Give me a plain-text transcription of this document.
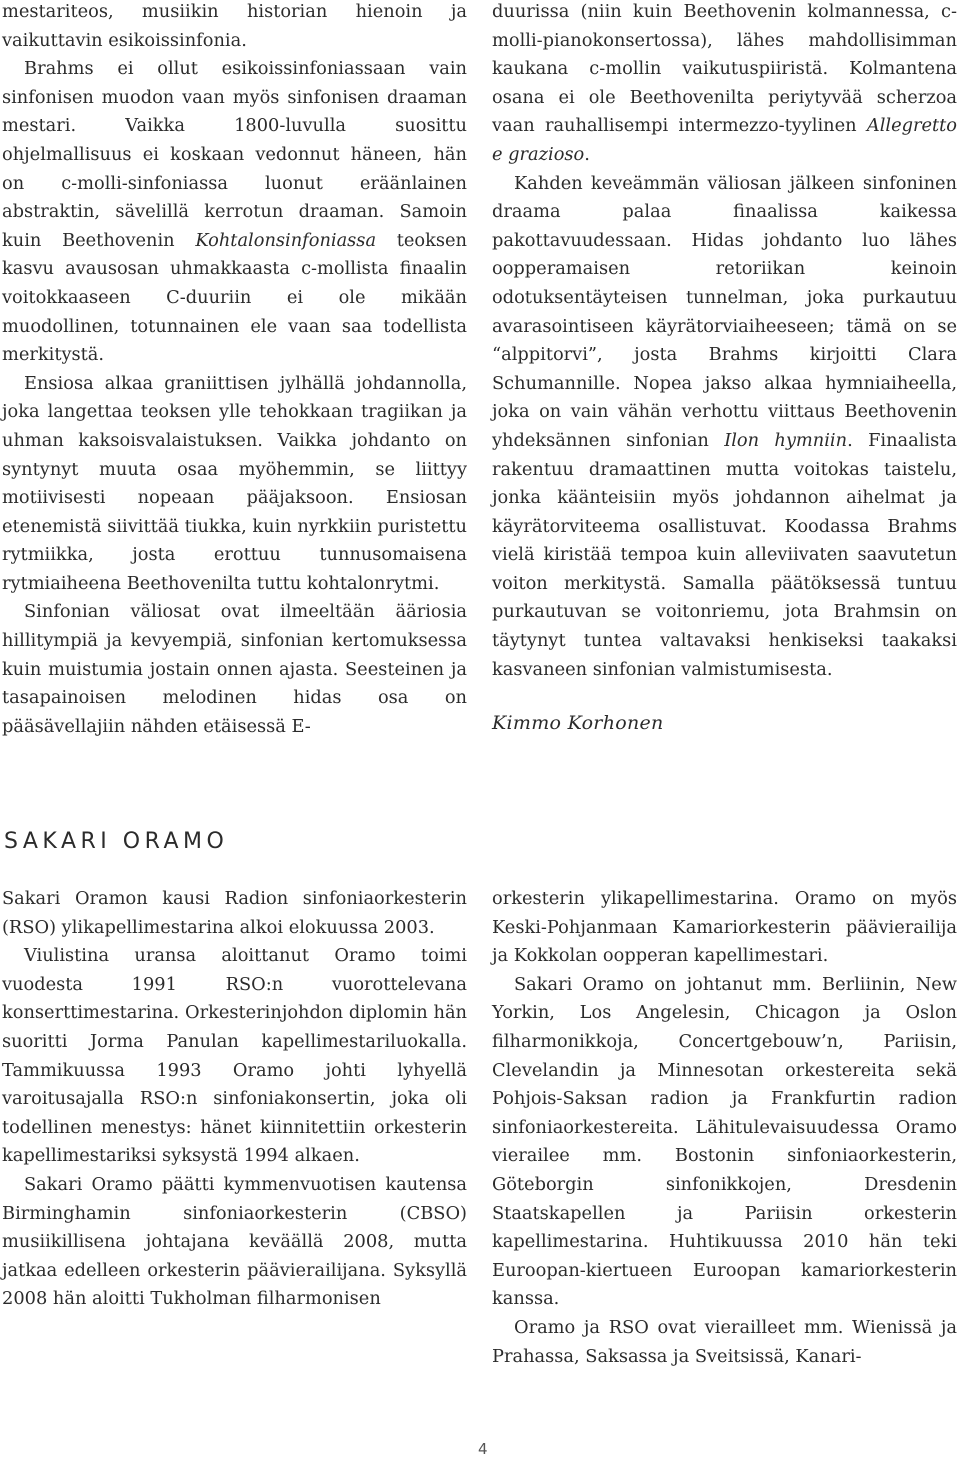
mestariteos, musiikin historian hienoin ja vaikuttavin esikoissinfonia.

Brahms ei ollut esikoissinfoniassaan vain sinfonisen muodon vaan myös sinfonisen draaman mestari. Vaikka 1800-luvulla suosittu ohjelmallisuus ei koskaan vedonnut häneen, hän on c-molli-sinfoniassa luonut eräänlainen abstraktin, sävelillä kerrotun draaman. Samoin kuin Beethovenin Kohtalonsinfoniassa teoksen kasvu avausosan uhmakkaasta c-mollista finaalin voitokkaaseen C-duuriin ei ole mikään muodollinen, totunnainen ele vaan saa todellista merkitystä.

Ensiosa alkaa graniittisen jylhällä johdannolla, joka langettaa teoksen ylle tehokkaan tragiikan ja uhman kaksoisvalaistuksen. Vaikka johdanto on syntynyt muuta osaa myöhemmin, se liittyy motiivisesti nopeaan pääjaksoon. Ensiosan etenemistä siivittää tiukka, kuin nyrkkiin puristettu rytmiikka, josta erottuu tunnusomaisena rytmiaiheena Beethovenilta tuttu kohtalonrytmi.

Sinfonian väliosat ovat ilmeeltään ääriosia hillitympiä ja kevyempiä, sinfonian kertomuksessa kuin muistumia jostain onnen ajasta. Seesteinen ja tasapainoisen melodinen hidas osa on pääsävellajiin nähden etäisessä E-

duurissa (niin kuin Beethovenin kolmannessa, c-molli-pianokonsertossa), lähes mahdollisimman kaukana c-mollin vaikutuspiiristä. Kolmantena osana ei ole Beethovenilta periytyvää scherzoa vaan rauhallisempi intermezzo-tyylinen Allegretto e grazioso.

Kahden keveämmän väliosan jälkeen sinfoninen draama palaa finaalissa kaikessa pakottavuudessaan. Hidas johdanto luo lähes oopperamaisen retoriikan keinoin odotuksentäyteisen tunnelman, joka purkautuu avarasointiseen käyrätorviaiheeseen; tämä on se “alppitorvi”, josta Brahms kirjoitti Clara Schumannille. Nopea jakso alkaa hymniaiheella, joka on vain vähän verhottu viittaus Beethovenin yhdeksännen sinfonian Ilon hymniin. Finaalista rakentuu dramaattinen mutta voitokas taistelu, jonka käänteisiin myös johdannon aihelmat ja käyrätorviteema osallistuvat. Koodassa Brahms vielä kiristää tempoa kuin alleviivaten saavutetun voiton merkitystä. Samalla päätöksessä tuntuu purkautuvan se voitonriemu, jota Brahmsin on täytynyt tuntea valtavaksi henkiseksi taakaksi kasvaneen sinfonian valmistumisesta.

Kimmo Korhonen
SAKARI ORAMO

Sakari Oramon kausi Radion sinfoniaorkesterin (RSO) ylikapellimestarina alkoi elokuussa 2003.

Viulistina uransa aloittanut Oramo toimi vuodesta 1991 RSO:n vuorottelevana konserttimestarina. Orkesterinjohdon diplomin hän suoritti Jorma Panulan kapellimestariluokalla. Tammikuussa 1993 Oramo johti lyhyellä varoitusajalla RSO:n sinfoniakonsertin, joka oli todellinen menestys: hänet kiinnitettiin orkesterin kapellimestariksi syksystä 1994 alkaen.

Sakari Oramo päätti kymmenvuotisen kautensa Birminghamin sinfoniaorkesterin (CBSO) musiikillisena johtajana keväällä 2008, mutta jatkaa edelleen orkesterin päävierailijana. Syksyllä 2008 hän aloitti Tukholman filharmonisen

orkesterin ylikapellimestarina. Oramo on myös Keski-Pohjanmaan Kamariorkesterin päävierailija ja Kokkolan oopperan kapellimestari.

Sakari Oramo on johtanut mm. Berliinin, New Yorkin, Los Angelesin, Chicagon ja Oslon filharmonikkoja, Concertgebouw’n, Pariisin, Clevelandin ja Minnesotan orkestereita sekä Pohjois-Saksan radion ja Frankfurtin radion sinfoniaorkestereita. Lähitulevaisuudessa Oramo vierailee mm. Bostonin sinfoniaorkesterin, Göteborgin sinfonikkojen, Dresdenin Staatskapellen ja Pariisin orkesterin kapellimestarina. Huhtikuussa 2010 hän teki Euroopan-kiertueen Euroopan kamariorkesterin kanssa.

Oramo ja RSO ovat vierailleet mm. Wienissä ja Prahassa, Saksassa ja Sveitsissä, Kanari-

4
